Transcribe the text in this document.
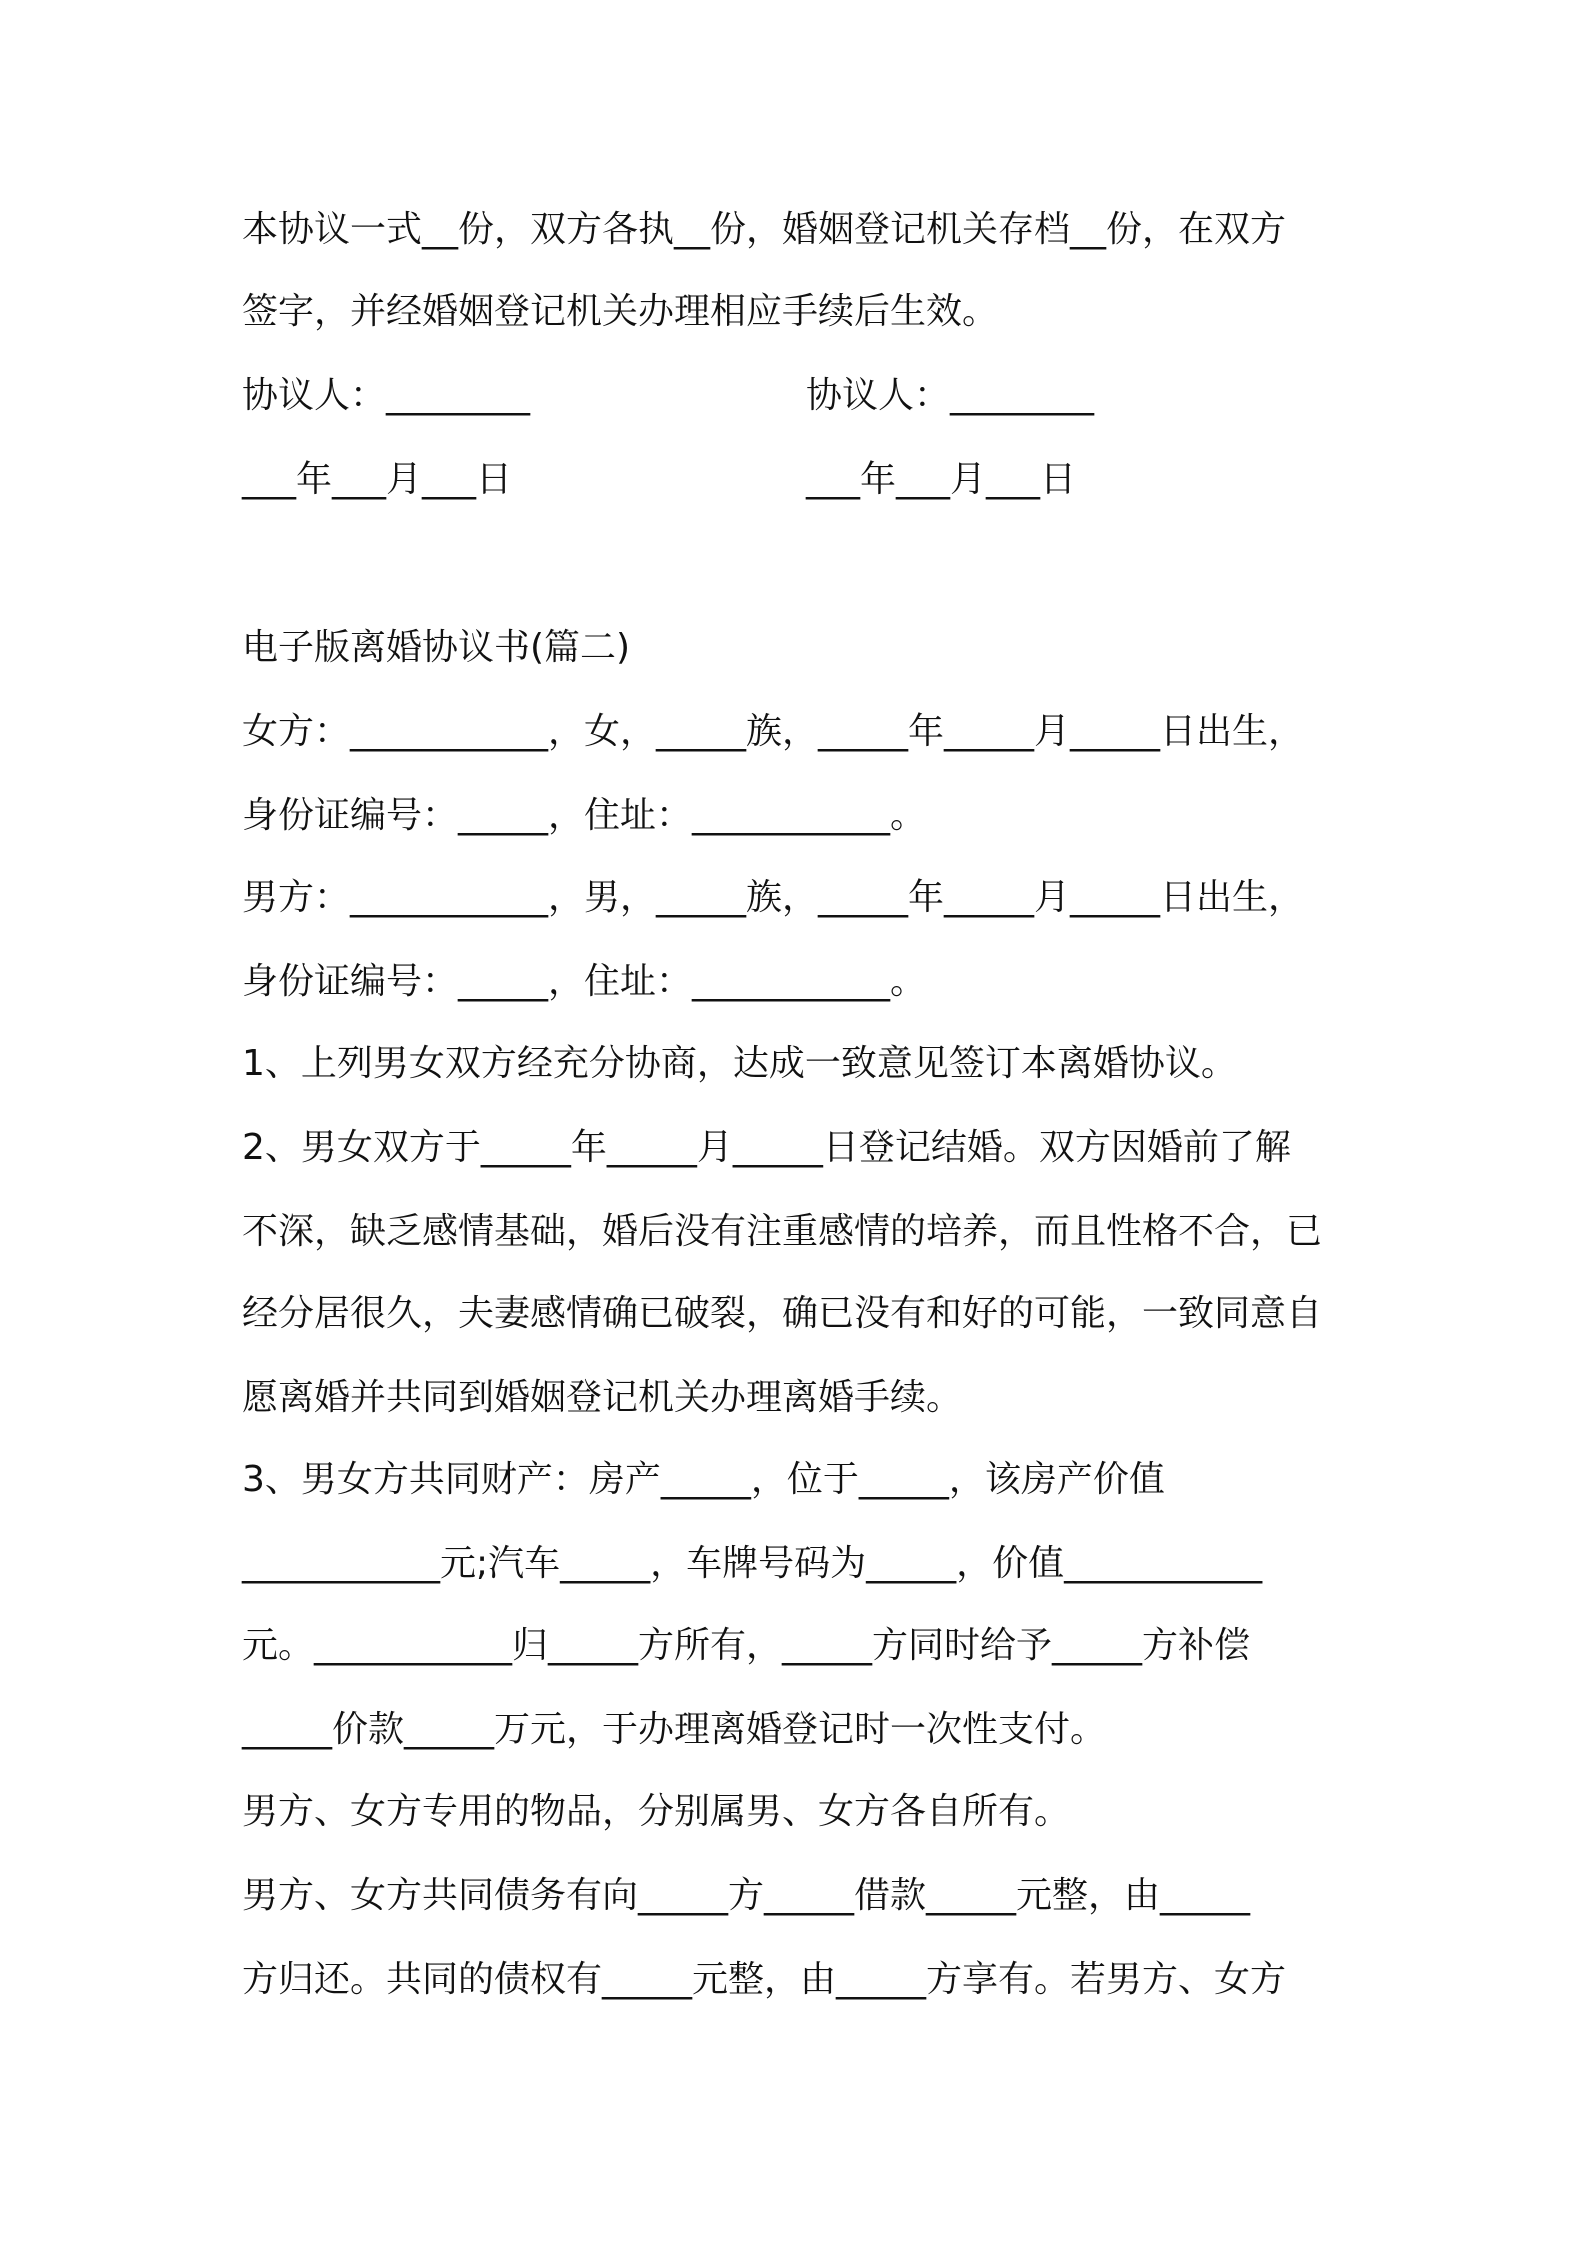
本协议一式__份，双方各执__份，婚姻登记机关存档__份，在双方
签字，并经婚姻登记机关办理相应手续后生效。
协议人：________	协议人：________
___年___月___日	___年___月___日
电子版离婚协议书(篇二)
女方：___________，女，_____族，_____年_____月_____日出生，
身份证编号：_____，住址：___________。
男方：___________，男，_____族，_____年_____月_____日出生，
身份证编号：_____，住址：___________。
1、上列男女双方经充分协商，达成一致意见签订本离婚协议。
2、男女双方于_____年_____月_____日登记结婚。双方因婚前了解
不深，缺乏感情基础，婚后没有注重感情的培养，而且性格不合，已
经分居很久，夫妻感情确已破裂，确已没有和好的可能，一致同意自
愿离婚并共同到婚姻登记机关办理离婚手续。
3、男女方共同财产：房产_____，位于_____，该房产价值
___________元;汽车_____，车牌号码为_____，价值___________
元。___________归_____方所有，_____方同时给予_____方补偿
_____价款_____万元，于办理离婚登记时一次性支付。
男方、女方专用的物品，分别属男、女方各自所有。
男方、女方共同债务有向_____方_____借款_____元整，由_____
方归还。共同的债权有_____元整，由_____方享有。若男方、女方
